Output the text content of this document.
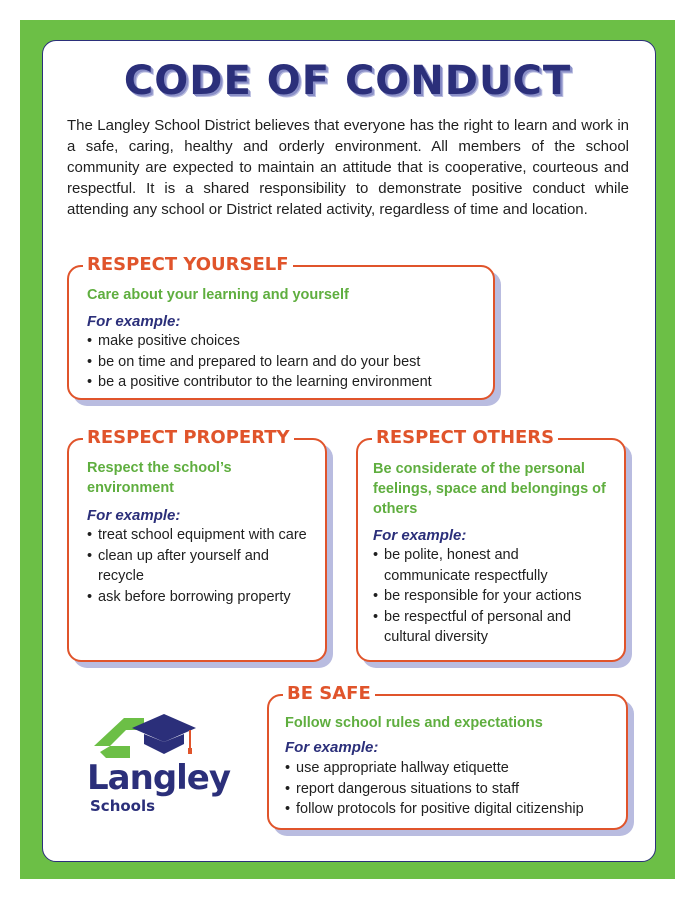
CODE OF CONDUCT
The Langley School District believes that everyone has the right to learn and work in a safe, caring, healthy and orderly environment. All members of the school community are expected to maintain an attitude that is cooperative, courteous and respectful. It is a shared responsibility to demonstrate positive conduct while attending any school or District related activity, regardless of time and location.
RESPECT YOURSELF
Care about your learning and yourself
For example:
• make positive choices
• be on time and prepared to learn and do your best
• be a positive contributor to the learning environment
RESPECT PROPERTY
Respect the school’s environment
For example:
• treat school equipment with care
• clean up after yourself and recycle
• ask before borrowing property
RESPECT OTHERS
Be considerate of the personal feelings, space and belongings of others
For example:
• be polite, honest and communicate respectfully
• be responsible for your actions
• be respectful of personal and cultural diversity
BE SAFE
Follow school rules and expectations
For example:
• use appropriate hallway etiquette
• report dangerous situations to staff
• follow protocols for positive digital citizenship
Langley
Schools
